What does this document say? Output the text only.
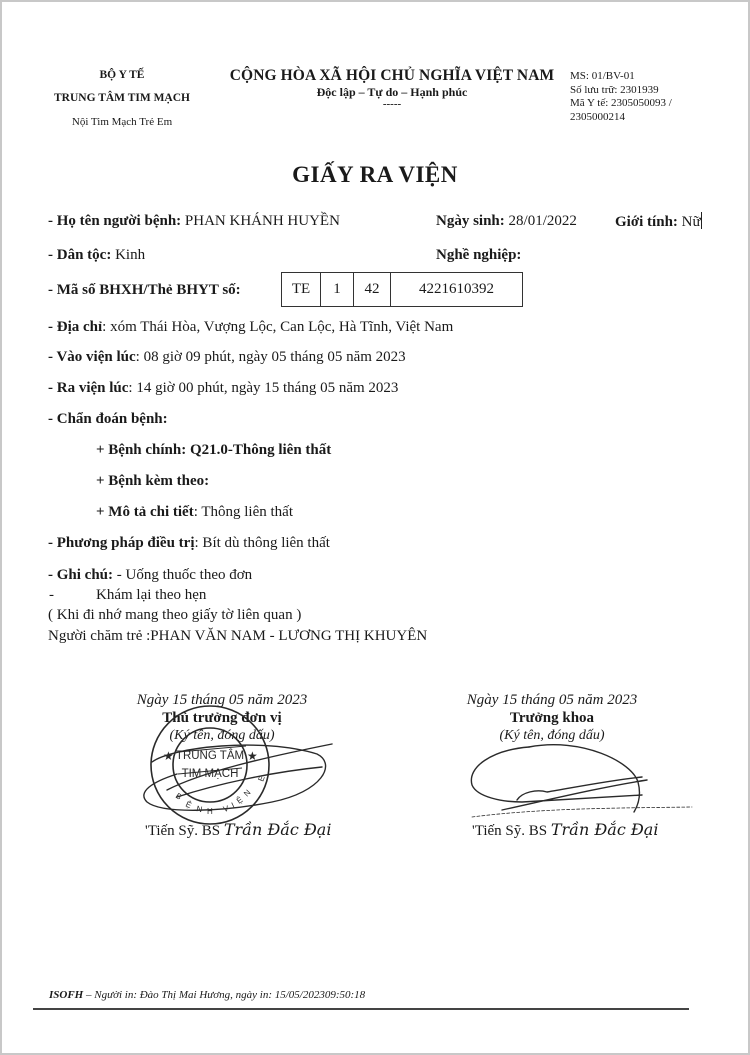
BỘ Y TẾ
TRUNG TÂM TIM MẠCH
Nội Tim Mạch Trẻ Em
CỘNG HÒA XÃ HỘI CHỦ NGHĨA VIỆT NAM
Độc lập – Tự do – Hạnh phúc
-----
MS: 01/BV-01
Số lưu trữ: 2301939
Mã Y tế: 2305050093 /
2305000214
GIẤY RA VIỆN
- Họ tên người bệnh: PHAN KHÁNH HUYỀN	Ngày sinh: 28/01/2022	Giới tính: Nữ
- Dân tộc: Kinh	Nghề nghiệp:
- Mã số BHXH/Thẻ BHYT số:	TE	1	42	4221610392
- Địa chỉ: xóm Thái Hòa, Vượng Lộc, Can Lộc, Hà Tĩnh, Việt Nam
- Vào viện lúc: 08 giờ 09 phút, ngày 05 tháng 05 năm 2023
- Ra viện lúc: 14 giờ 00 phút, ngày 15 tháng 05 năm 2023
- Chẩn đoán bệnh:
+ Bệnh chính: Q21.0-Thông liên thất
+ Bệnh kèm theo:
+ Mô tả chi tiết: Thông liên thất
- Phương pháp điều trị: Bít dù thông liên thất
- Ghi chú: - Uống thuốc theo đơn
-	Khám lại theo hẹn
( Khi đi nhớ mang theo giấy tờ liên quan )
Người chăm trẻ :PHAN VĂN NAM - LƯƠNG THỊ KHUYÊN
Ngày 15 tháng 05 năm 2023
Thủ trưởng đơn vị
(Ký tên, đóng dấu)
'Tiến Sỹ. BS Trần Đắc Đại
Ngày 15 tháng 05 năm 2023
Trưởng khoa
(Ký tên, đóng dấu)
'Tiến Sỹ. BS Trần Đắc Đại
TRUNG TÂM
TIM MẠCH
★	★
B
Ệ N H V I Ệ
N
E
ISOFH – Người in: Đào Thị Mai Hương, ngày in: 15/05/202309:50:18
